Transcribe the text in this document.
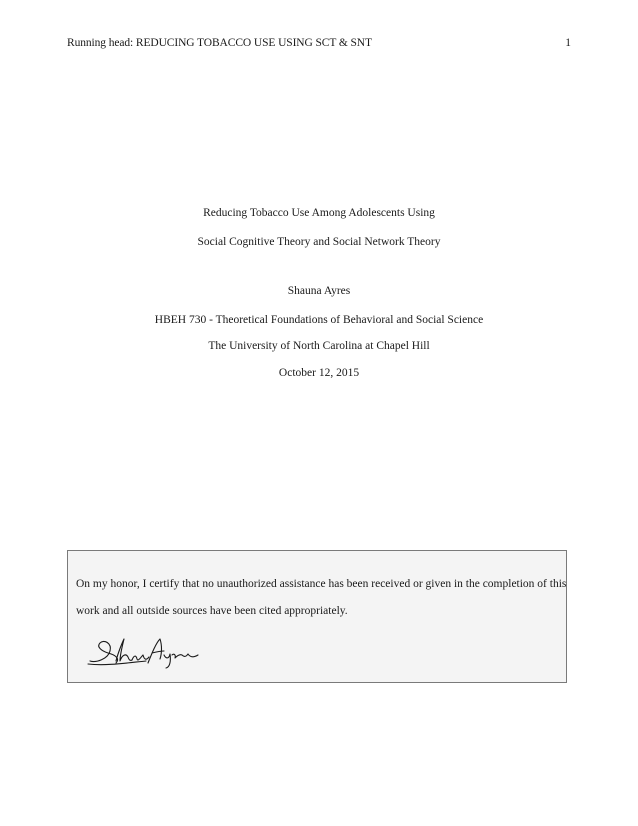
Running head: REDUCING TOBACCO USE USING SCT & SNT	1
Reducing Tobacco Use Among Adolescents Using
Social Cognitive Theory and Social Network Theory
Shauna Ayres
HBEH 730 - Theoretical Foundations of Behavioral and Social Science
The University of North Carolina at Chapel Hill
October 12, 2015
On my honor, I certify that no unauthorized assistance has been received or given in the completion of this
work and all outside sources have been cited appropriately.
